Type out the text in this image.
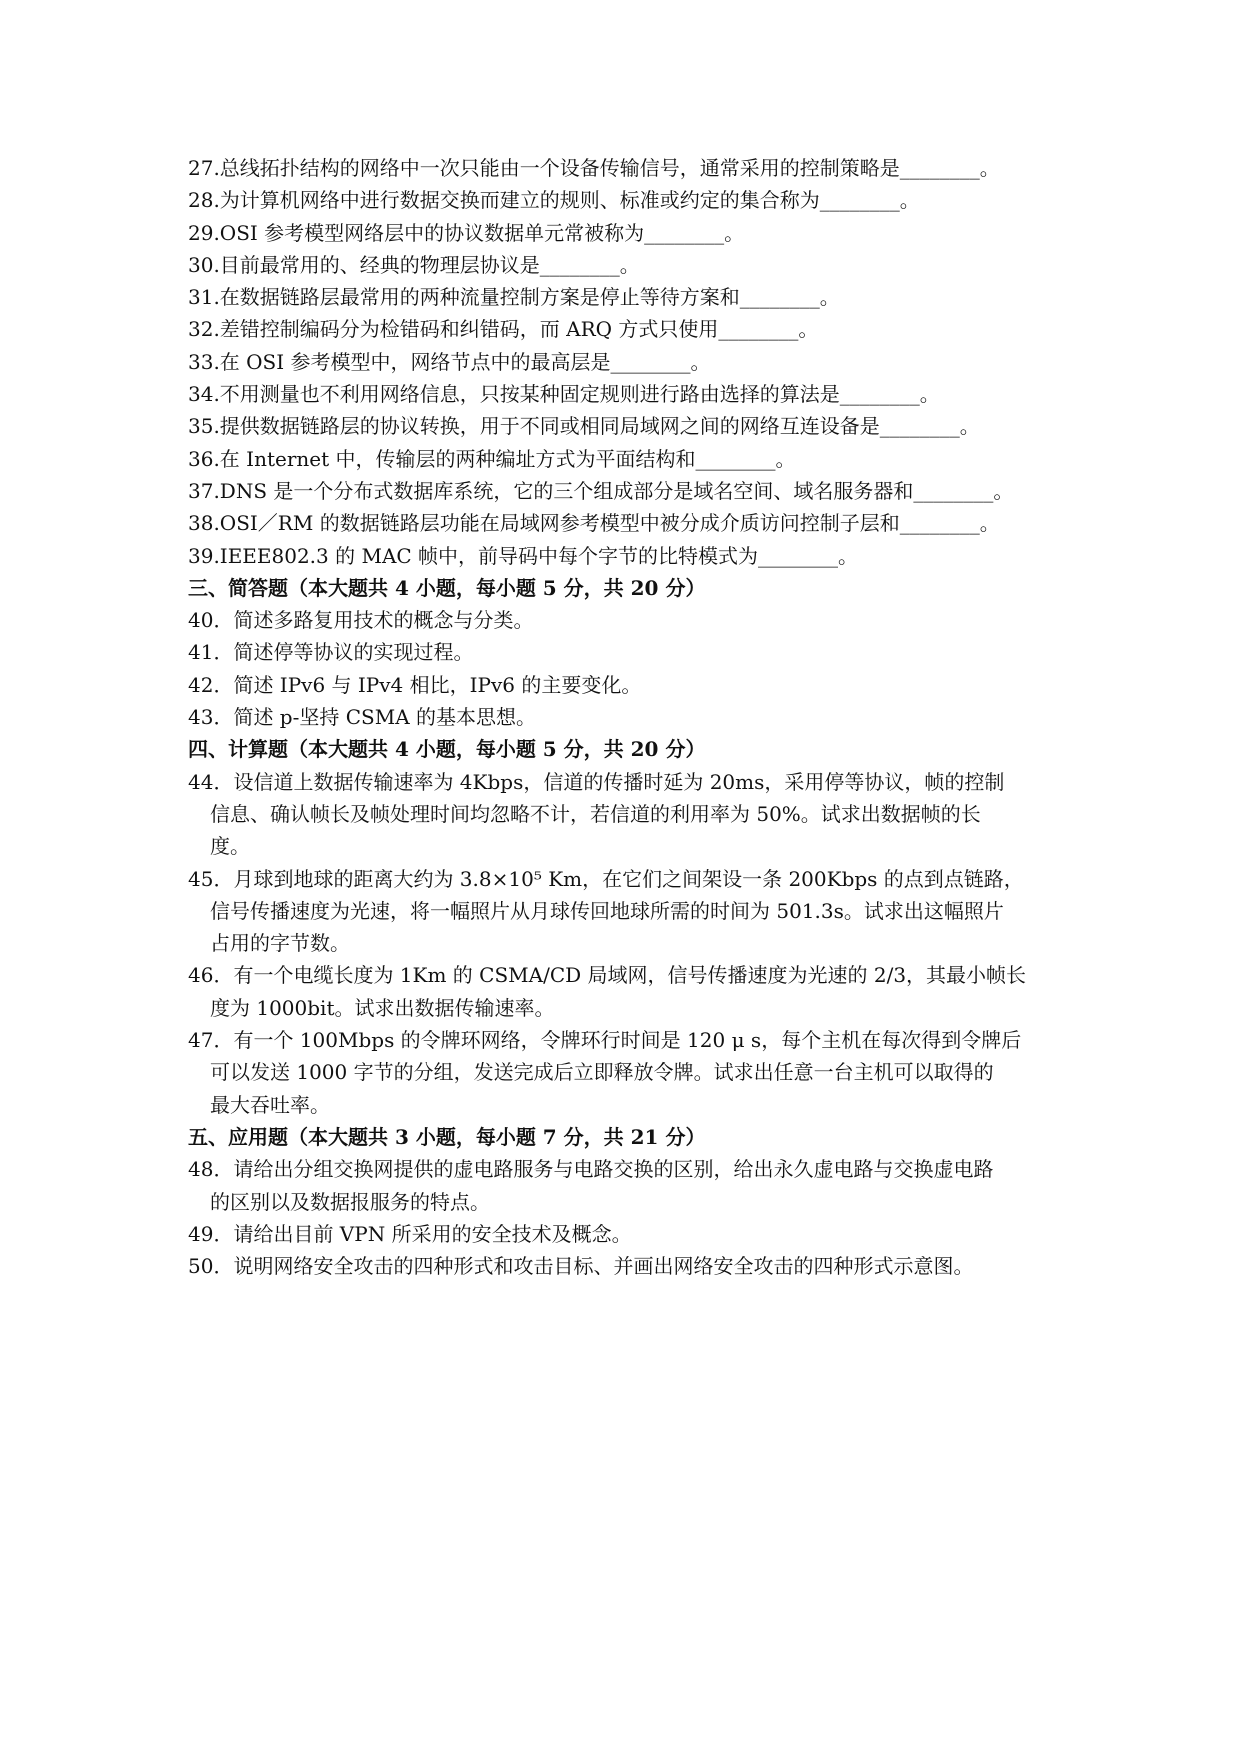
27.总线拓扑结构的网络中一次只能由一个设备传输信号，通常采用的控制策略是________。

28.为计算机网络中进行数据交换而建立的规则、标准或约定的集合称为________。

29.OSI 参考模型网络层中的协议数据单元常被称为________。

30.目前最常用的、经典的物理层协议是________。

31.在数据链路层最常用的两种流量控制方案是停止等待方案和________。

32.差错控制编码分为检错码和纠错码，而 ARQ 方式只使用________。

33.在 OSI 参考模型中，网络节点中的最高层是________。

34.不用测量也不利用网络信息，只按某种固定规则进行路由选择的算法是________。

35.提供数据链路层的协议转换，用于不同或相同局域网之间的网络互连设备是________。

36.在 Internet 中，传输层的两种编址方式为平面结构和________。

37.DNS 是一个分布式数据库系统，它的三个组成部分是域名空间、域名服务器和________。

38.OSI／RM 的数据链路层功能在局域网参考模型中被分成介质访问控制子层和________。

39.IEEE802.3 的 MAC 帧中，前导码中每个字节的比特模式为________。

三、简答题（本大题共 4 小题，每小题 5 分，共 20 分）

40．简述多路复用技术的概念与分类。

41．简述停等协议的实现过程。

42．简述 IPv6 与 IPv4 相比，IPv6 的主要变化。

43．简述 p-坚持 CSMA 的基本思想。

四、计算题（本大题共 4 小题，每小题 5 分，共 20 分）

44．设信道上数据传输速率为 4Kbps，信道的传播时延为 20ms，采用停等协议，帧的控制

信息、确认帧长及帧处理时间均忽略不计，若信道的利用率为 50%。试求出数据帧的长

度。

45．月球到地球的距离大约为 3.8×10⁵ Km，在它们之间架设一条 200Kbps 的点到点链路，

信号传播速度为光速，将一幅照片从月球传回地球所需的时间为 501.3s。试求出这幅照片

占用的字节数。

46．有一个电缆长度为 1Km 的 CSMA/CD 局域网，信号传播速度为光速的 2/3，其最小帧长

度为 1000bit。试求出数据传输速率。

47．有一个 100Mbps 的令牌环网络，令牌环行时间是 120 μ s，每个主机在每次得到令牌后

可以发送 1000 字节的分组，发送完成后立即释放令牌。试求出任意一台主机可以取得的

最大吞吐率。

五、应用题（本大题共 3 小题，每小题 7 分，共 21 分）

48．请给出分组交换网提供的虚电路服务与电路交换的区别，给出永久虚电路与交换虚电路

的区别以及数据报服务的特点。

49．请给出目前 VPN 所采用的安全技术及概念。

50．说明网络安全攻击的四种形式和攻击目标、并画出网络安全攻击的四种形式示意图。
